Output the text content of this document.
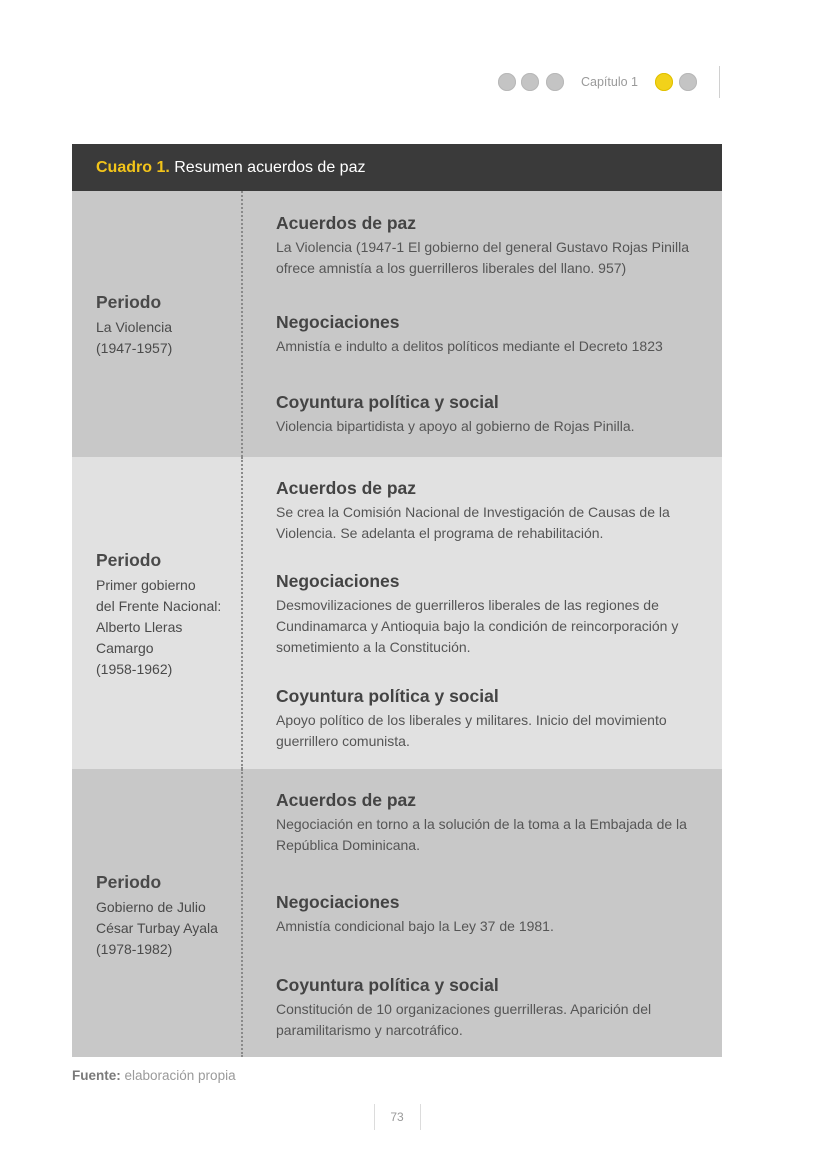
Capítulo 1
Cuadro 1. Resumen acuerdos de paz
Periodo
La Violencia
(1947-1957)
Acuerdos de paz
La Violencia (1947-1 El gobierno del general Gustavo Rojas Pinilla ofrece amnistía a los guerrilleros liberales del llano. 957)
Negociaciones
Amnistía e indulto a delitos políticos mediante el Decreto 1823
Coyuntura política y social
Violencia bipartidista y apoyo al gobierno de Rojas Pinilla.
Periodo
Primer gobierno
del Frente Nacional:
Alberto Lleras
Camargo
(1958-1962)
Acuerdos de paz
Se crea la Comisión Nacional de Investigación de Causas de la Violencia. Se adelanta el programa de rehabilitación.
Negociaciones
Desmovilizaciones de guerrilleros liberales de las regiones de Cundinamarca y Antioquia bajo la condición de reincorporación y sometimiento a la Constitución.
Coyuntura política y social
Apoyo político de los liberales y militares. Inicio del movimiento guerrillero comunista.
Periodo
Gobierno de Julio
César Turbay Ayala
(1978-1982)
Acuerdos de paz
Negociación en torno a la solución de la toma a la Embajada de la República Dominicana.
Negociaciones
Amnistía condicional bajo la Ley 37 de 1981.
Coyuntura política y social
Constitución de 10 organizaciones guerrilleras. Aparición del paramilitarismo y narcotráfico.
Fuente: elaboración propia
73
